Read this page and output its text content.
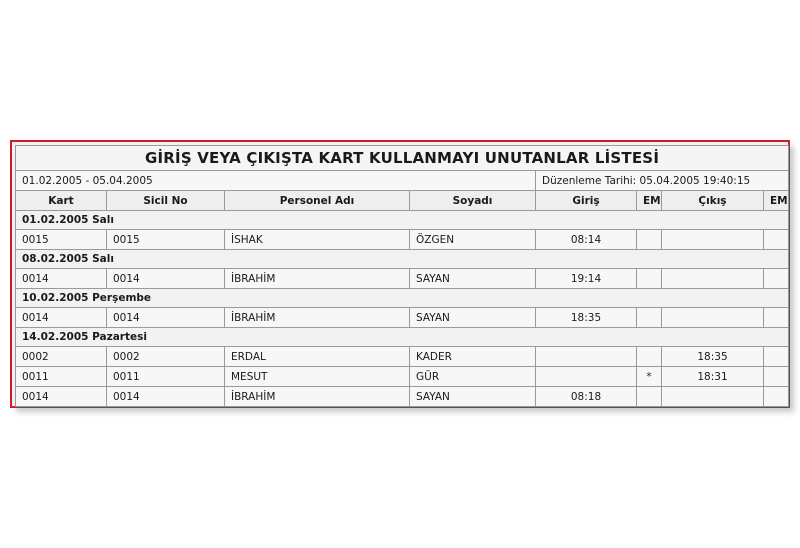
GİRİŞ VEYA ÇIKIŞTA KART KULLANMAYI UNUTANLAR LİSTESİ							
01.02.2005 - 05.04.2005				Düzenleme Tarihi: 05.04.2005 19:40:15			
Kart	Sicil No	Personel Adı	Soyadı	Giriş	EM	Çıkış	EM
01.02.2005 Salı							
0015	0015	İSHAK	ÖZGEN	08:14			
08.02.2005 Salı							
0014	0014	İBRAHİM	SAYAN	19:14			
10.02.2005 Perşembe							
0014	0014	İBRAHİM	SAYAN	18:35			
14.02.2005 Pazartesi							
0002	0002	ERDAL	KADER			18:35	
0011	0011	MESUT	GÜR		*	18:31	
0014	0014	İBRAHİM	SAYAN	08:18			
